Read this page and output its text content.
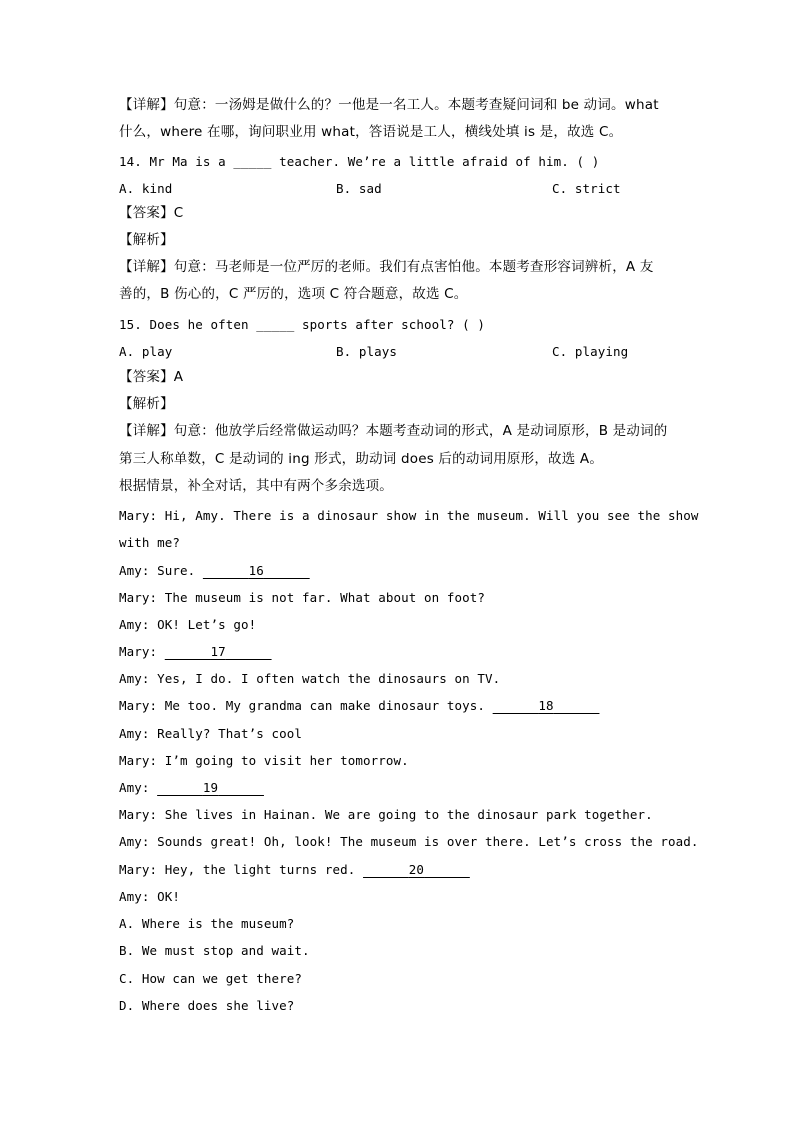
【详解】句意：一汤姆是做什么的？一他是一名工人。本题考查疑问词和 be 动词。what
什么，where 在哪，询问职业用 what，答语说是工人，横线处填 is 是，故选 C。
14. Mr Ma is a _____ teacher. We’re a little afraid of him. ( )
A. kind	B. sad	C. strict
【答案】C
【解析】
【详解】句意：马老师是一位严厉的老师。我们有点害怕他。本题考查形容词辨析，A 友
善的，B 伤心的，C 严厉的，选项 C 符合题意，故选 C。
15. Does he often _____ sports after school? ( )
A. play	B. plays	C. playing
【答案】A
【解析】
【详解】句意：他放学后经常做运动吗？本题考查动词的形式，A 是动词原形，B 是动词的
第三人称单数，C 是动词的 ing 形式，助动词 does 后的动词用原形，故选 A。
根据情景，补全对话，其中有两个多余选项。
Mary: Hi, Amy. There is a dinosaur show in the museum. Will you see the show
with me?
Amy: Sure.	16
Mary: The museum is not far. What about on foot?
Amy: OK! Let’s go!
Mary:	17
Amy: Yes, I do. I often watch the dinosaurs on TV.
Mary: Me too. My grandma can make dinosaur toys.	18
Amy: Really? That’s cool
Mary: I’m going to visit her tomorrow.
Amy:	19
Mary: She lives in Hainan. We are going to the dinosaur park together.
Amy: Sounds great! Oh, look! The museum is over there. Let’s cross the road.
Mary: Hey, the light turns red.	20
Amy: OK!
A. Where is the museum?
B. We must stop and wait.
C. How can we get there?
D. Where does she live?
